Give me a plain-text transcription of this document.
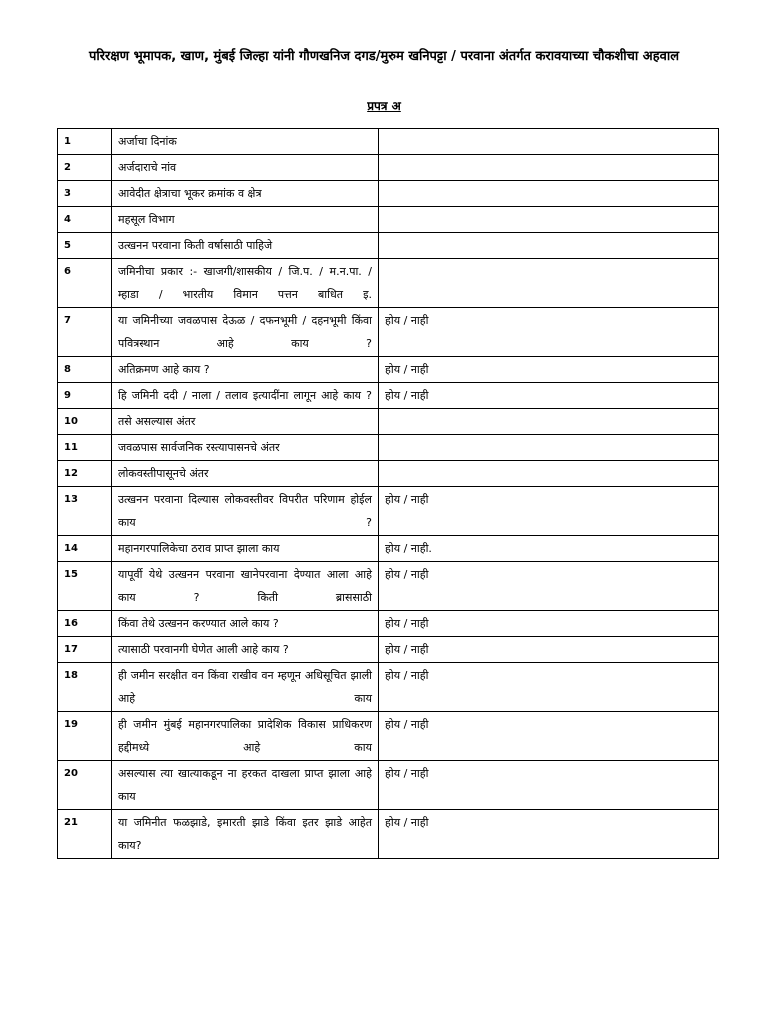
परिरक्षण भूमापक, खाण, मुंबई जिल्हा यांनी गौणखनिज दगड/मुरुम खनिपट्टा / परवाना अंतर्गत करावयाच्या चौकशीचा अहवाल
प्रपत्र अ
1	अर्जाचा दिनांक	
2	अर्जदाराचे नांव	
3	आवेदीत क्षेत्राचा भूकर क्रमांक व क्षेत्र	
4	महसूल विभाग	
5	उत्खनन परवाना किती वर्षासाठी पाहिजे	
6	जमिनीचा प्रकार :- खाजगी/शासकीय / जि.प. / म.न.पा. / म्हाडा / भारतीय विमान पत्तन बाधित इ.	
7	या जमिनीच्या जवळपास देऊळ / दफनभूमी / दहनभूमी किंवा पवित्रस्थान आहे काय ?	होय / नाही
8	अतिक्रमण आहे काय ?	होय / नाही
9	हि जमिनी ददी / नाला / तलाव इत्यादींना लागून आहे काय ?	होय / नाही
10	तसे असल्यास अंतर	
11	जवळपास सार्वजनिक रस्त्यापासनचे अंतर	
12	लोकवस्तीपासूनचे अंतर	
13	उत्खनन परवाना दिल्यास लोकवस्तीवर विपरीत परिणाम होईल काय ?	होय / नाही
14	महानगरपालिकेचा ठराव प्राप्त झाला काय	होय / नाही.
15	यापूर्वी येथे उत्खनन परवाना खानेपरवाना देण्यात आला आहे काय ? किती ब्राससाठी	होय / नाही
16	किंवा तेथे उत्खनन करण्यात आले काय ?	होय / नाही
17	त्यासाठी परवानगी घेणेत आली आहे काय ?	होय / नाही
18	ही जमीन सरक्षीत वन किंवा राखीव वन म्हणून अधिसूचित झाली आहे काय	होय / नाही
19	ही जमीन मुंबई महानगरपालिका प्रादेशिक विकास प्राधिकरण हद्दीमध्ये आहे काय	होय / नाही
20	असल्यास त्या खात्याकडून ना हरकत दाखला प्राप्त झाला आहे काय	होय / नाही
21	या जमिनीत फळझाडे, इमारती झाडे किंवा इतर झाडे आहेत काय?	होय / नाही
